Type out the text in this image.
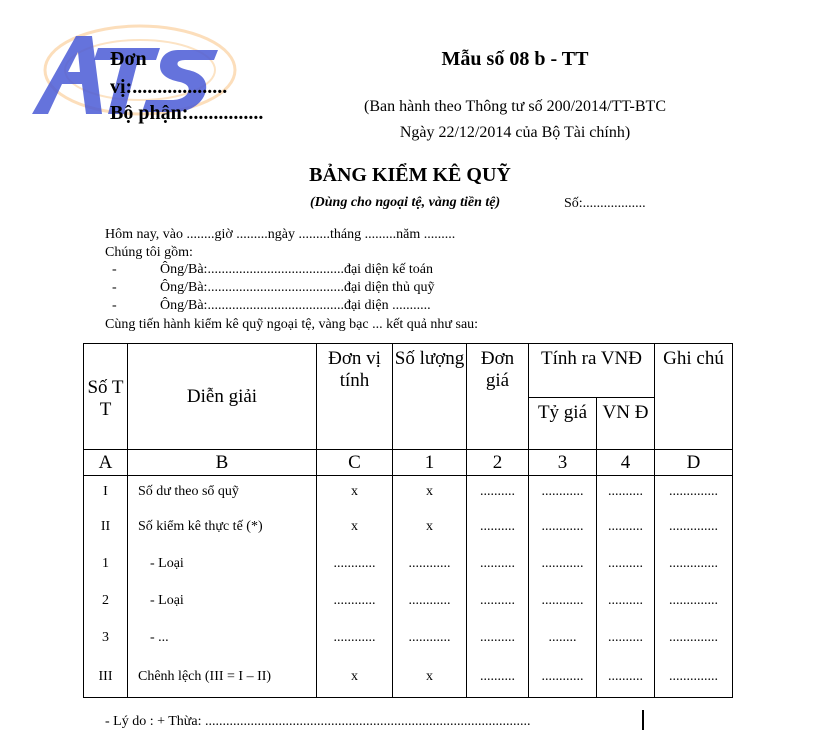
Đơn
vị:...................
Bộ phận:...............
Mẫu số 08 b - TT
(Ban hành theo Thông tư số 200/2014/TT-BTC
Ngày 22/12/2014 của Bộ Tài chính)
BẢNG KIỂM KÊ QUỸ
(Dùng cho ngoại tệ, vàng tiền tệ)	Số:..................
Hôm nay, vào ........giờ .........ngày .........tháng .........năm .........
Chúng tôi gồm:
-	Ông/Bà:.......................................đại diện kế toán
-	Ông/Bà:.......................................đại diện thủ quỹ
-	Ông/Bà:.......................................đại diện ...........
Cùng tiến hành kiểm kê quỹ ngoại tệ, vàng bạc ... kết quả như sau:
Số T T	Diễn giải	Đơn vị tính	Số lượng	Đơn giá	Tính ra VNĐ		Ghi chú
					Tỷ giá	VN Đ	
A	B	C	1	2	3	4	D
I	Số dư theo sổ quỹ	x	x	..........	............	..........	..............
II	Số kiểm kê thực tế (*)	x	x	..........	............	..........	..............
1	- Loại	............	............	..........	............	..........	..............
2	- Loại	............	............	..........	............	..........	..............
3	- ...	............	............	..........	........	..........	..............
III	Chênh lệch (III = I – II)	x	x	..........	............	..........	..............
- Lý do : + Thừa: .............................................................................................
